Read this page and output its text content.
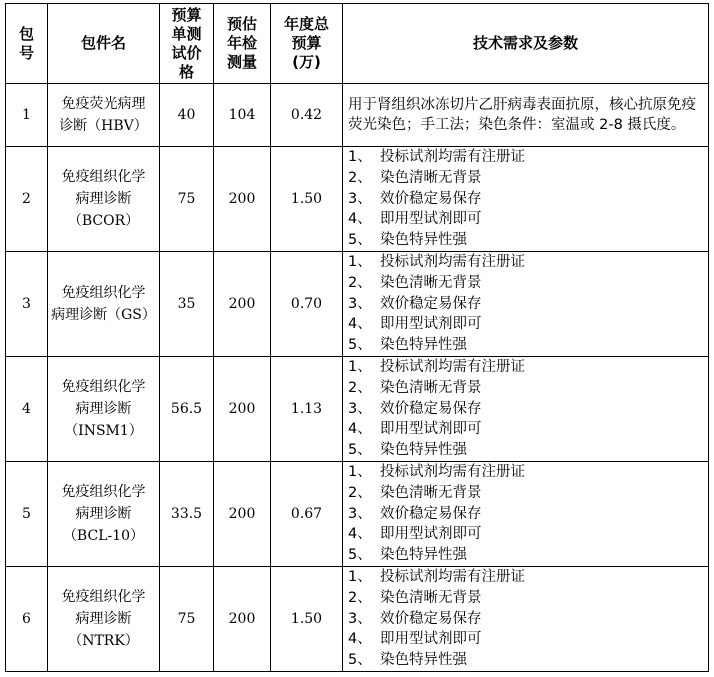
包
号	包件名	预算
单测
试价
格	预估
年检
测量	年度总
预算
(万)	技术需求及参数

1	免疫荧光病理
诊断（HBV）	40	104	0.42	用于肾组织冰冻切片乙肝病毒表面抗原，核心抗原免疫荧光染色；手工法；染色条件：室温或 2-8 摄氏度。
2	免疫组织化学
病理诊断
（BCOR）	75	200	1.50	1、 投标试剂均需有注册证
2、 染色清晰无背景
3、 效价稳定易保存
4、 即用型试剂即可
5、 染色特异性强

3	免疫组织化学
病理诊断（GS）	35	200	0.70	1、 投标试剂均需有注册证
2、 染色清晰无背景
3、 效价稳定易保存
4、 即用型试剂即可
5、 染色特异性强

4	免疫组织化学
病理诊断
（INSM1）	56.5	200	1.13	1、 投标试剂均需有注册证
2、 染色清晰无背景
3、 效价稳定易保存
4、 即用型试剂即可
5、 染色特异性强

5	免疫组织化学
病理诊断
（BCL-10）	33.5	200	0.67	1、 投标试剂均需有注册证
2、 染色清晰无背景
3、 效价稳定易保存
4、 即用型试剂即可
5、 染色特异性强

6	免疫组织化学
病理诊断
（NTRK）	75	200	1.50	1、 投标试剂均需有注册证
2、 染色清晰无背景
3、 效价稳定易保存
4、 即用型试剂即可
5、 染色特异性强
